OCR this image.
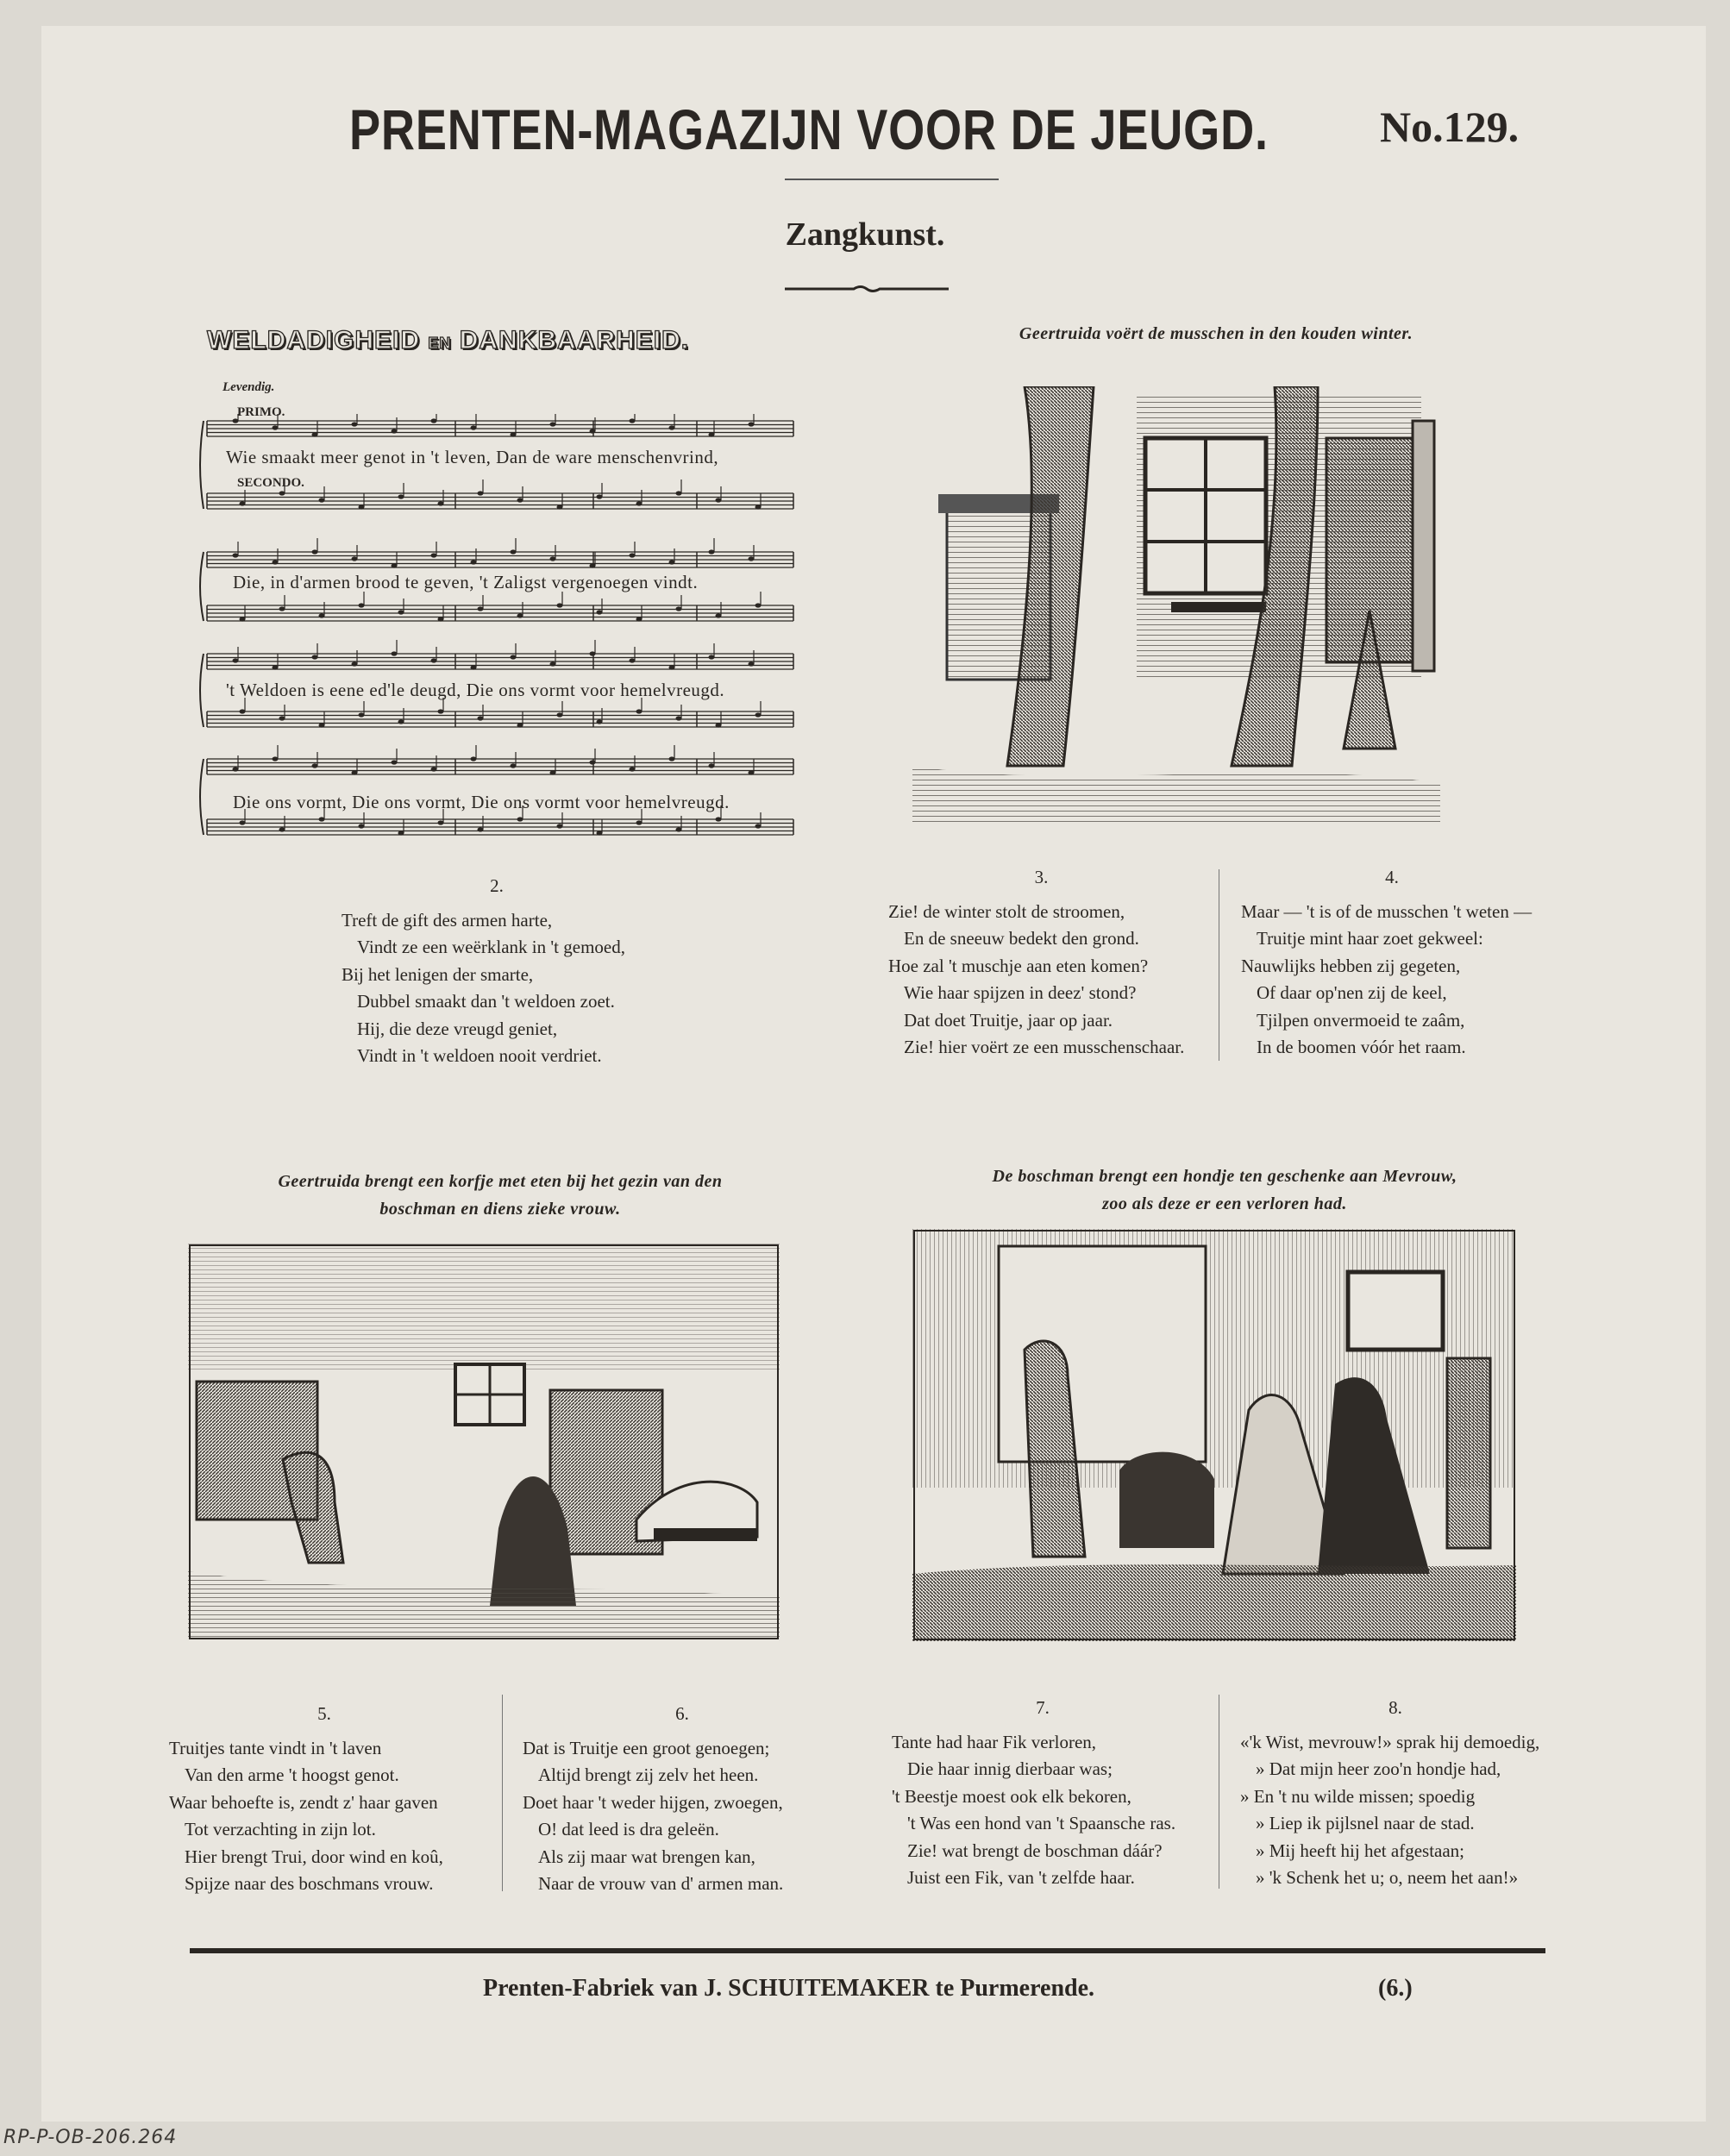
PRENTEN-MAGAZIJN VOOR DE JEUGD.	No.129.
Zangkunst.
WELDADIGHEID EN DANKBAARHEID.
Levendig.
PRIMO.
SECONDO.
Wie smaakt meer genot in 't leven, Dan de ware menschenvrind,
Die, in d'armen brood te geven, 't Zaligst vergenoegen vindt.
't Weldoen is eene ed'le deugd, Die ons vormt voor hemelvreugd.
Die ons vormt, Die ons vormt, Die ons vormt voor hemelvreugd.
Geertruida voërt de musschen in den kouden winter.
Geertruida brengt een korfje met eten bij het gezin van den
boschman en diens zieke vrouw.
De boschman brengt een hondje ten geschenke aan Mevrouw,
zoo als deze er een verloren had.
2.
Treft de gift des armen harte,
Vindt ze een weërklank in 't gemoed,
Bij het lenigen der smarte,
Dubbel smaakt dan 't weldoen zoet.
Hij, die deze vreugd geniet,
Vindt in 't weldoen nooit verdriet.
3.
Zie! de winter stolt de stroomen,
En de sneeuw bedekt den grond.
Hoe zal 't muschje aan eten komen?
Wie haar spijzen in deez' stond?
Dat doet Truitje, jaar op jaar.
Zie! hier voërt ze een musschenschaar.
4.
Maar — 't is of de musschen 't weten —
Truitje mint haar zoet gekweel:
Nauwlijks hebben zij gegeten,
Of daar op'nen zij de keel,
Tjilpen onvermoeid te zaâm,
In de boomen vóór het raam.
5.
Truitjes tante vindt in 't laven
Van den arme 't hoogst genot.
Waar behoefte is, zendt z' haar gaven
Tot verzachting in zijn lot.
Hier brengt Trui, door wind en koû,
Spijze naar des boschmans vrouw.
6.
Dat is Truitje een groot genoegen;
Altijd brengt zij zelv het heen.
Doet haar 't weder hijgen, zwoegen,
O! dat leed is dra geleën.
Als zij maar wat brengen kan,
Naar de vrouw van d' armen man.
7.
Tante had haar Fik verloren,
Die haar innig dierbaar was;
't Beestje moest ook elk bekoren,
't Was een hond van 't Spaansche ras.
Zie! wat brengt de boschman dáár?
Juist een Fik, van 't zelfde haar.
8.
«'k Wist, mevrouw!» sprak hij demoedig,
» Dat mijn heer zoo'n hondje had,
» En 't nu wilde missen; spoedig
» Liep ik pijlsnel naar de stad.
» Mij heeft hij het afgestaan;
» 'k Schenk het u; o, neem het aan!»
Prenten-Fabriek van J. SCHUITEMAKER te Purmerende.	(6.)
RP-P-OB-206.264
